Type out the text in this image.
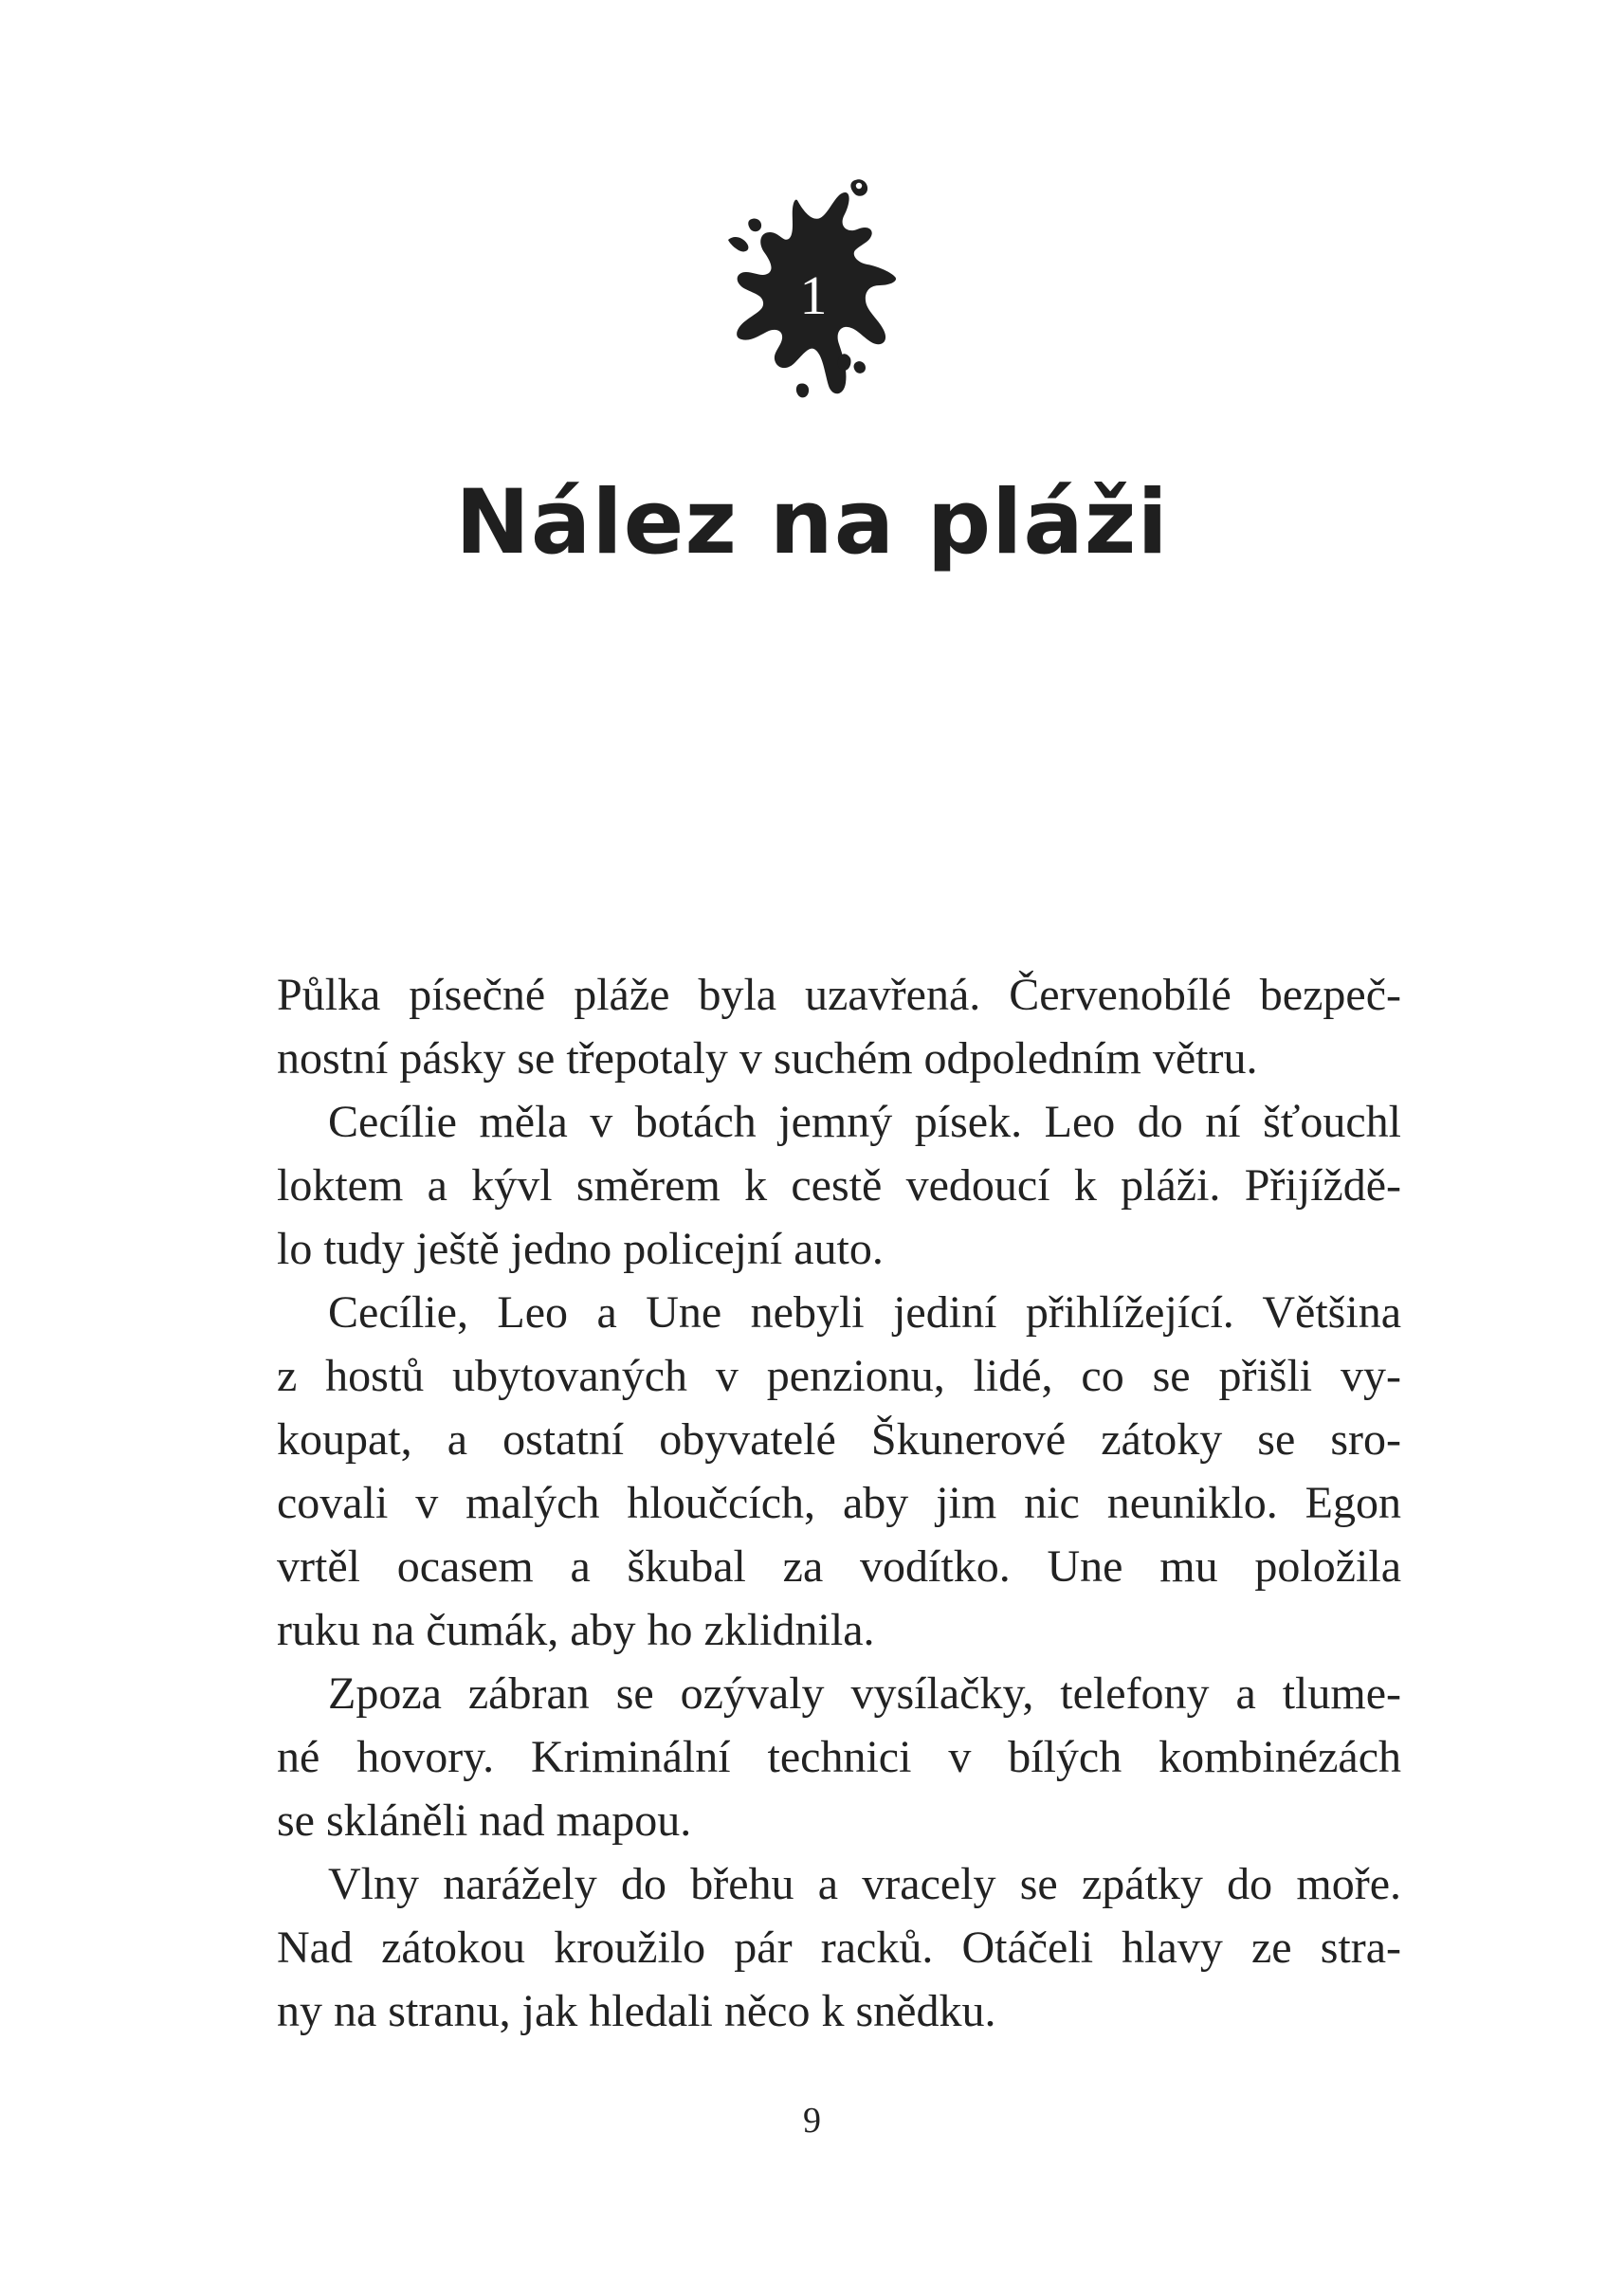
1
Nález na pláži
Půlka písečné pláže byla uzavřená. Červenobílé bezpeč-
nostní pásky se třepotaly v suchém odpoledním větru.
Cecílie měla v botách jemný písek. Leo do ní šťouchl
loktem a kývl směrem k cestě vedoucí k pláži. Přijíždě-
lo tudy ještě jedno policejní auto.
Cecílie, Leo a Une nebyli jediní přihlížející. Většina
z hostů ubytovaných v penzionu, lidé, co se přišli vy-
koupat, a ostatní obyvatelé Škunerové zátoky se sro-
covali v malých hloučcích, aby jim nic neuniklo. Egon
vrtěl ocasem a škubal za vodítko. Une mu položila
ruku na čumák, aby ho zklidnila.
Zpoza zábran se ozývaly vysílačky, telefony a tlume-
né hovory. Kriminální technici v bílých kombinézách
se skláněli nad mapou.
Vlny narážely do břehu a vracely se zpátky do moře.
Nad zátokou kroužilo pár racků. Otáčeli hlavy ze stra-
ny na stranu, jak hledali něco k snědku.
9
